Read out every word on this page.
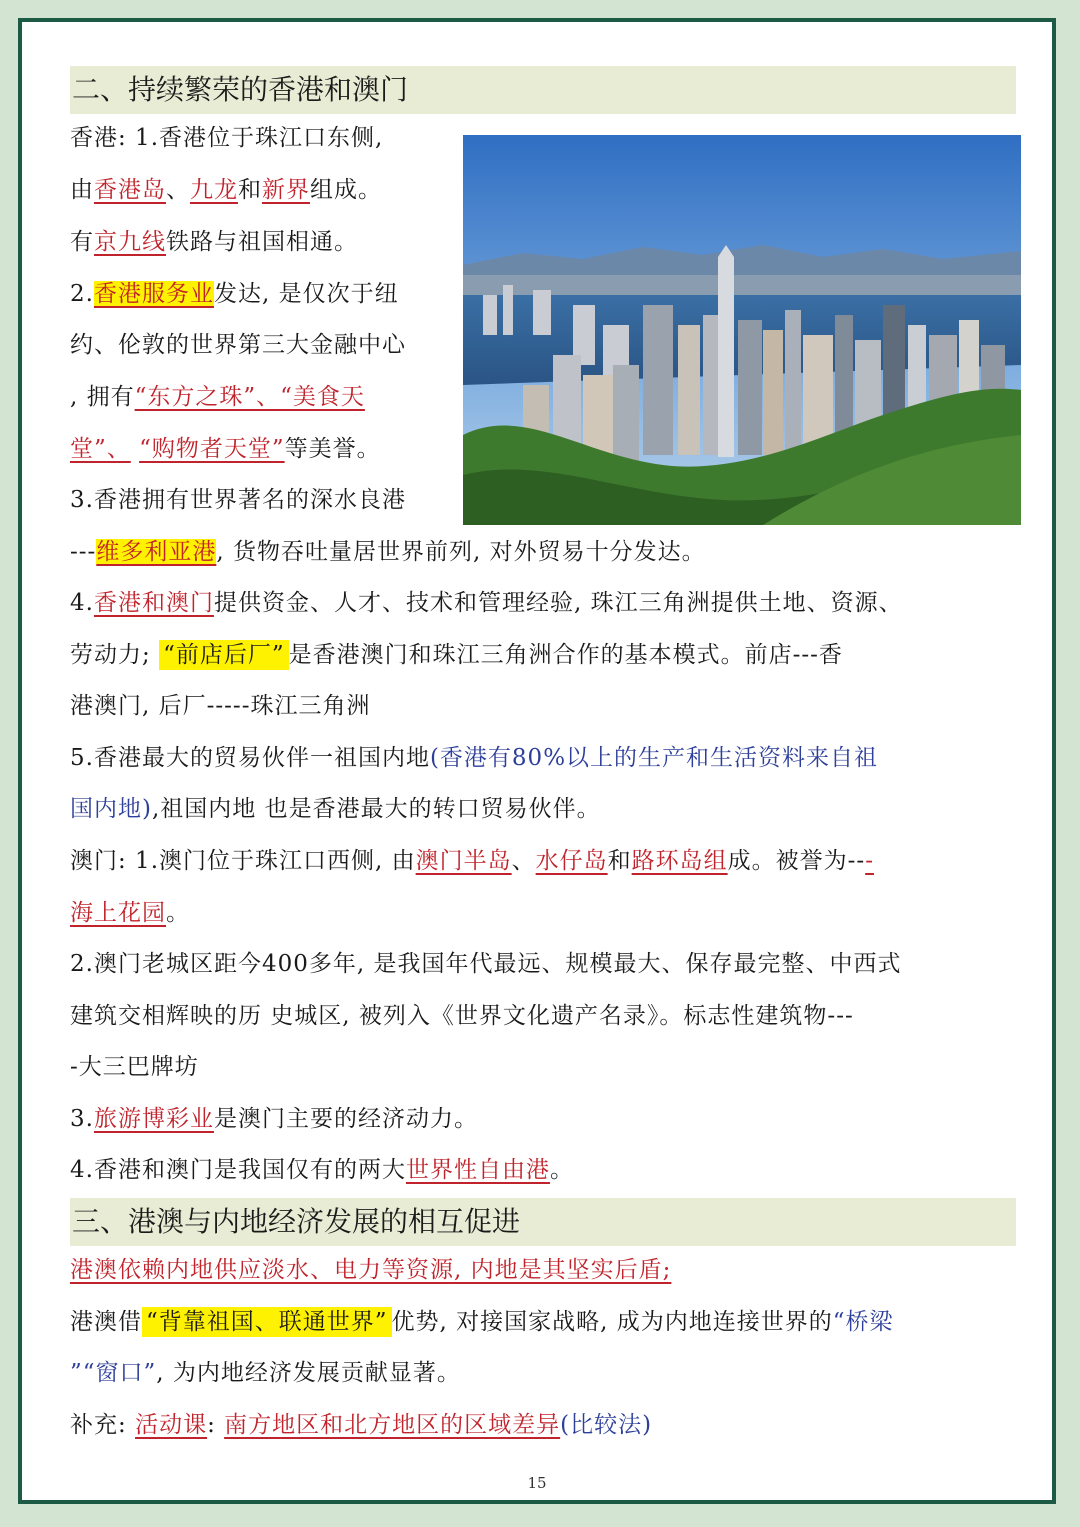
二、持续繁荣的香港和澳门
香港: 1.香港位于珠江口东侧,
由香港岛、九龙和新界组成。
有京九线铁路与祖国相通。
2.香港服务业发达, 是仅次于纽
约、伦敦的世界第三大金融中心
, 拥有“东方之珠”、“美食天
堂”、 “购物者天堂”等美誉。
3.香港拥有世界著名的深水良港
---维多利亚港, 货物吞吐量居世界前列, 对外贸易十分发达。
4.香港和澳门提供资金、人才、技术和管理经验, 珠江三角洲提供土地、资源、
劳动力; “前店后厂” 是香港澳门和珠江三角洲合作的基本模式。前店---香
港澳门, 后厂-----珠江三角洲
5.香港最大的贸易伙伴一祖国内地(香港有80%以上的生产和生活资料来自祖
国内地),祖国内地 也是香港最大的转口贸易伙伴。
澳门: 1.澳门位于珠江口西侧, 由澳门半岛、水仔岛和路环岛组成。被誉为---
海上花园。
2.澳门老城区距今400多年, 是我国年代最远、规模最大、保存最完整、中西式
建筑交相辉映的历 史城区, 被列入《世界文化遗产名录》。标志性建筑物---
-大三巴牌坊
3.旅游博彩业是澳门主要的经济动力。
4.香港和澳门是我国仅有的两大世界性自由港。
三、港澳与内地经济发展的相互促进
港澳依赖内地供应淡水、电力等资源, 内地是其坚实后盾;
港澳借 “背靠祖国、联通世界” 优势, 对接国家战略, 成为内地连接世界的“桥梁
”“窗口”, 为内地经济发展贡献显著。
补充: 活动课: 南方地区和北方地区的区域差异(比较法)
15
